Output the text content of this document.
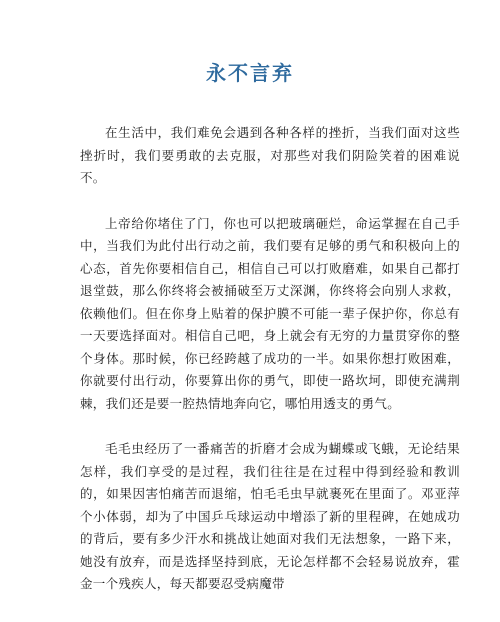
永不言弃

在生活中，我们难免会遇到各种各样的挫折，当我们面对这些挫折时，我们要勇敢的去克服，对那些对我们阴险笑着的困难说不。

上帝给你堵住了门，你也可以把玻璃砸烂，命运掌握在自己手中，当我们为此付出行动之前，我们要有足够的勇气和积极向上的心态，首先你要相信自己，相信自己可以打败磨难，如果自己都打退堂鼓，那么你终将会被捅破至万丈深渊，你终将会向别人求救，依赖他们。但在你身上贴着的保护膜不可能一辈子保护你，你总有一天要选择面对。相信自己吧，身上就会有无穷的力量贯穿你的整个身体。那时候，你已经跨越了成功的一半。如果你想打败困难，你就要付出行动，你要算出你的勇气，即使一路坎坷，即使充满荆棘，我们还是要一腔热情地奔向它，哪怕用透支的勇气。

毛毛虫经历了一番痛苦的折磨才会成为蝴蝶或飞蛾，无论结果怎样，我们享受的是过程，我们往往是在过程中得到经验和教训的，如果因害怕痛苦而退缩，怕毛毛虫早就裹死在里面了。邓亚萍个小体弱，却为了中国乒乓球运动中增添了新的里程碑，在她成功的背后，要有多少汗水和挑战让她面对我们无法想象，一路下来，她没有放弃，而是选择坚持到底，无论怎样都不会轻易说放弃，霍金一个残疾人，每天都要忍受病魔带
